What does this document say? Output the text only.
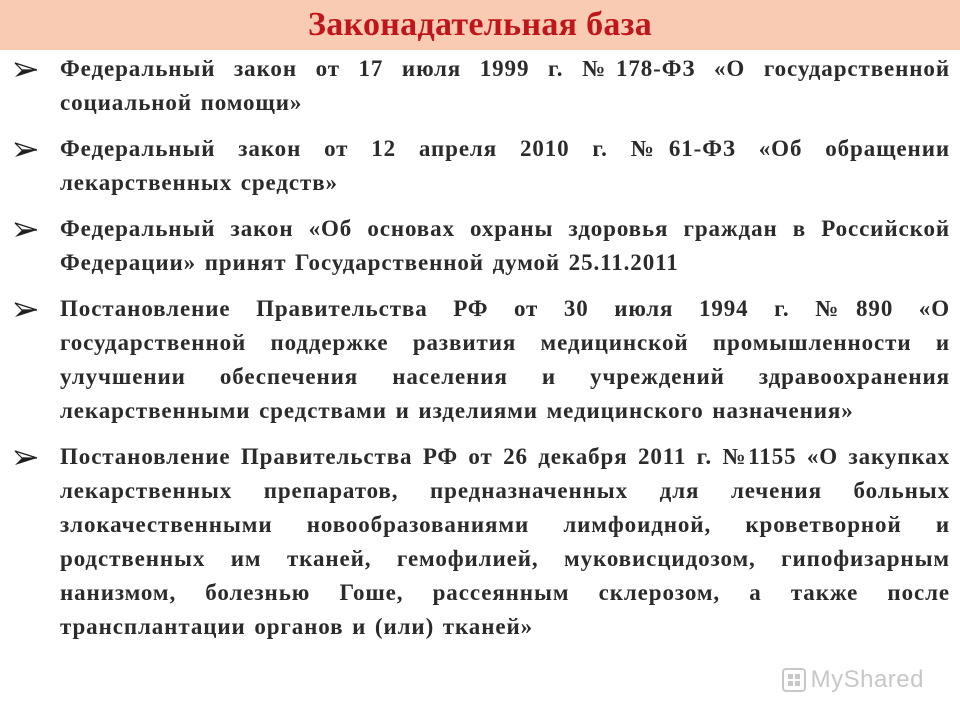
Законадательная база
Федеральный закон от 17 июля 1999 г. №178-ФЗ «О государственной социальной помощи»
Федеральный закон от 12 апреля 2010 г. №61-ФЗ «Об обращении лекарственных средств»
Федеральный закон «Об основах охраны здоровья граждан в Российской Федерации» принят Государственной думой 25.11.2011
Постановление Правительства РФ от 30 июля 1994 г. №890 «О государственной поддержке развития медицинской промышленности и улучшении обеспечения населения и учреждений здравоохранения лекарственными средствами и изделиями медицинского назначения»
Постановление Правительства РФ от 26 декабря 2011 г. №1155 «О закупках лекарственных препаратов, предназначенных для лечения больных злокачественными новообразованиями лимфоидной, кроветворной и родственных им тканей, гемофилией, муковисцидозом, гипофизарным нанизмом, болезнью Гоше, рассеянным склерозом, а также после трансплантации органов и (или) тканей»
MyShared
